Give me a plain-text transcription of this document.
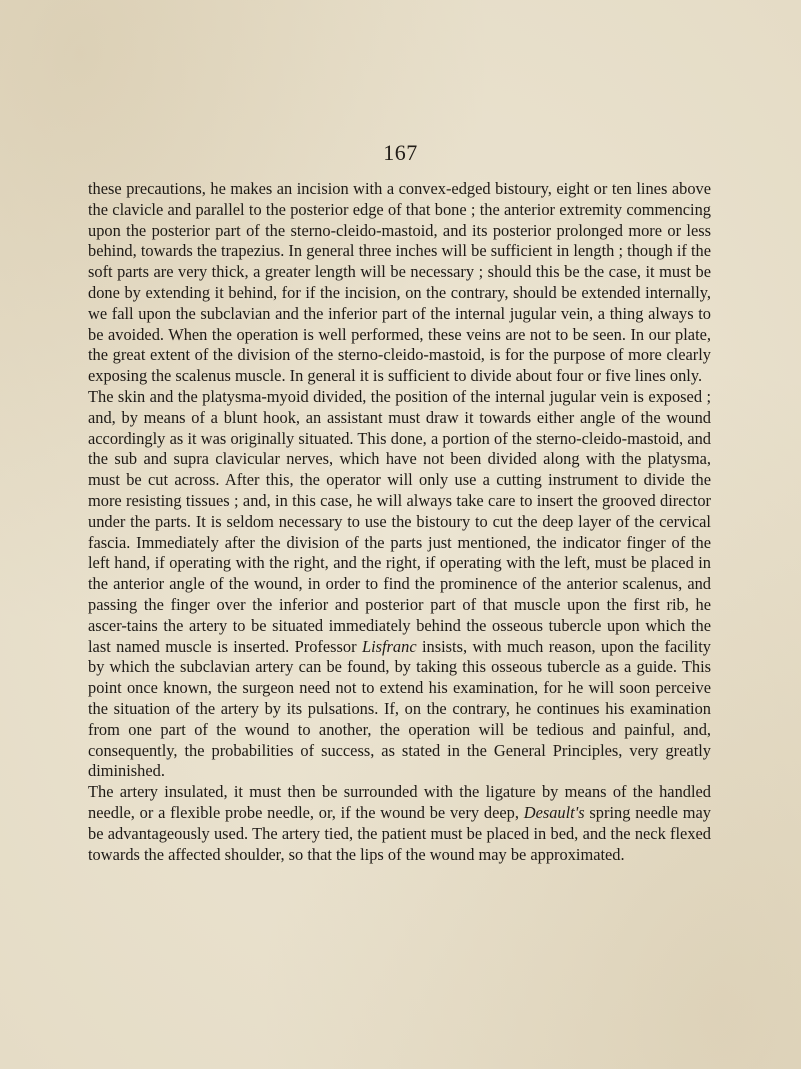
167

these precautions, he makes an incision with a convex-edged bistoury, eight or ten lines above the clavicle and parallel to the posterior edge of that bone ; the anterior extremity commencing upon the posterior part of the sterno-cleido-mastoid, and its posterior prolonged more or less behind, towards the trapezius. In general three inches will be sufficient in length ; though if the soft parts are very thick, a greater length will be necessary ; should this be the case, it must be done by extending it behind, for if the incision, on the contrary, should be extended internally, we fall upon the subclavian and the inferior part of the internal jugular vein, a thing always to be avoided. When the operation is well performed, these veins are not to be seen. In our plate, the great extent of the division of the sterno-cleido-mastoid, is for the purpose of more clearly exposing the scalenus muscle. In general it is sufficient to divide about four or five lines only.

The skin and the platysma-myoid divided, the position of the internal jugular vein is exposed ; and, by means of a blunt hook, an assistant must draw it towards either angle of the wound accordingly as it was originally situated. This done, a portion of the sterno-cleido-mastoid, and the sub and supra clavicular nerves, which have not been divided along with the platysma, must be cut across. After this, the operator will only use a cutting instrument to divide the more resisting tissues ; and, in this case, he will always take care to insert the grooved director under the parts. It is seldom necessary to use the bistoury to cut the deep layer of the cervical fascia. Immediately after the division of the parts just mentioned, the indicator finger of the left hand, if operating with the right, and the right, if operating with the left, must be placed in the anterior angle of the wound, in order to find the prominence of the anterior scalenus, and passing the finger over the inferior and posterior part of that muscle upon the first rib, he ascer-tains the artery to be situated immediately behind the osseous tubercle upon which the last named muscle is inserted. Professor Lisfranc insists, with much reason, upon the facility by which the subclavian artery can be found, by taking this osseous tubercle as a guide. This point once known, the surgeon need not to extend his examination, for he will soon perceive the situation of the artery by its pulsations. If, on the contrary, he continues his examination from one part of the wound to another, the operation will be tedious and painful, and, consequently, the probabilities of success, as stated in the General Principles, very greatly diminished.

The artery insulated, it must then be surrounded with the ligature by means of the handled needle, or a flexible probe needle, or, if the wound be very deep, Desault's spring needle may be advantageously used. The artery tied, the patient must be placed in bed, and the neck flexed towards the affected shoulder, so that the lips of the wound may be approximated.
